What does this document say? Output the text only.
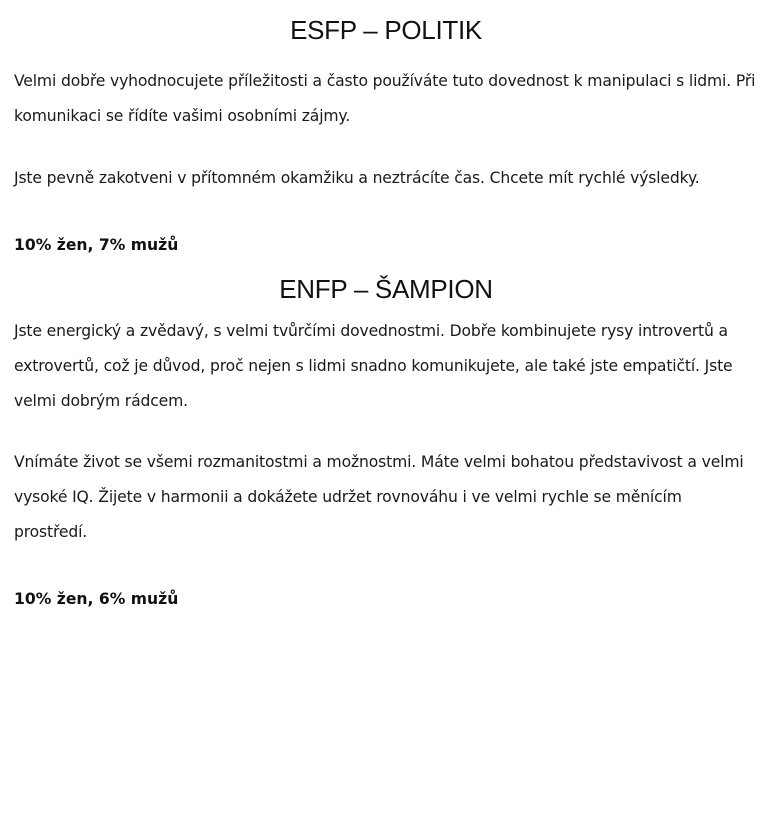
ESFP – POLITIK

Velmi dobře vyhodnocujete příležitosti a často používáte tuto dovednost k manipulaci s lidmi. Při komunikaci se řídíte vašimi osobními zájmy.

Jste pevně zakotveni v přítomném okamžiku a neztrácíte čas. Chcete mít rychlé výsledky.

10% žen, 7% mužů

ENFP – ŠAMPION

Jste energický a zvědavý, s velmi tvůrčími dovednostmi. Dobře kombinujete rysy introvertů a extrovertů, což je důvod, proč nejen s lidmi snadno komunikujete, ale také jste empatičtí. Jste velmi dobrým rádcem.

Vnímáte život se všemi rozmanitostmi a možnostmi. Máte velmi bohatou představivost a velmi vysoké IQ. Žijete v harmonii a dokážete udržet rovnováhu i ve velmi rychle se měnícím prostředí.

10% žen, 6% mužů
